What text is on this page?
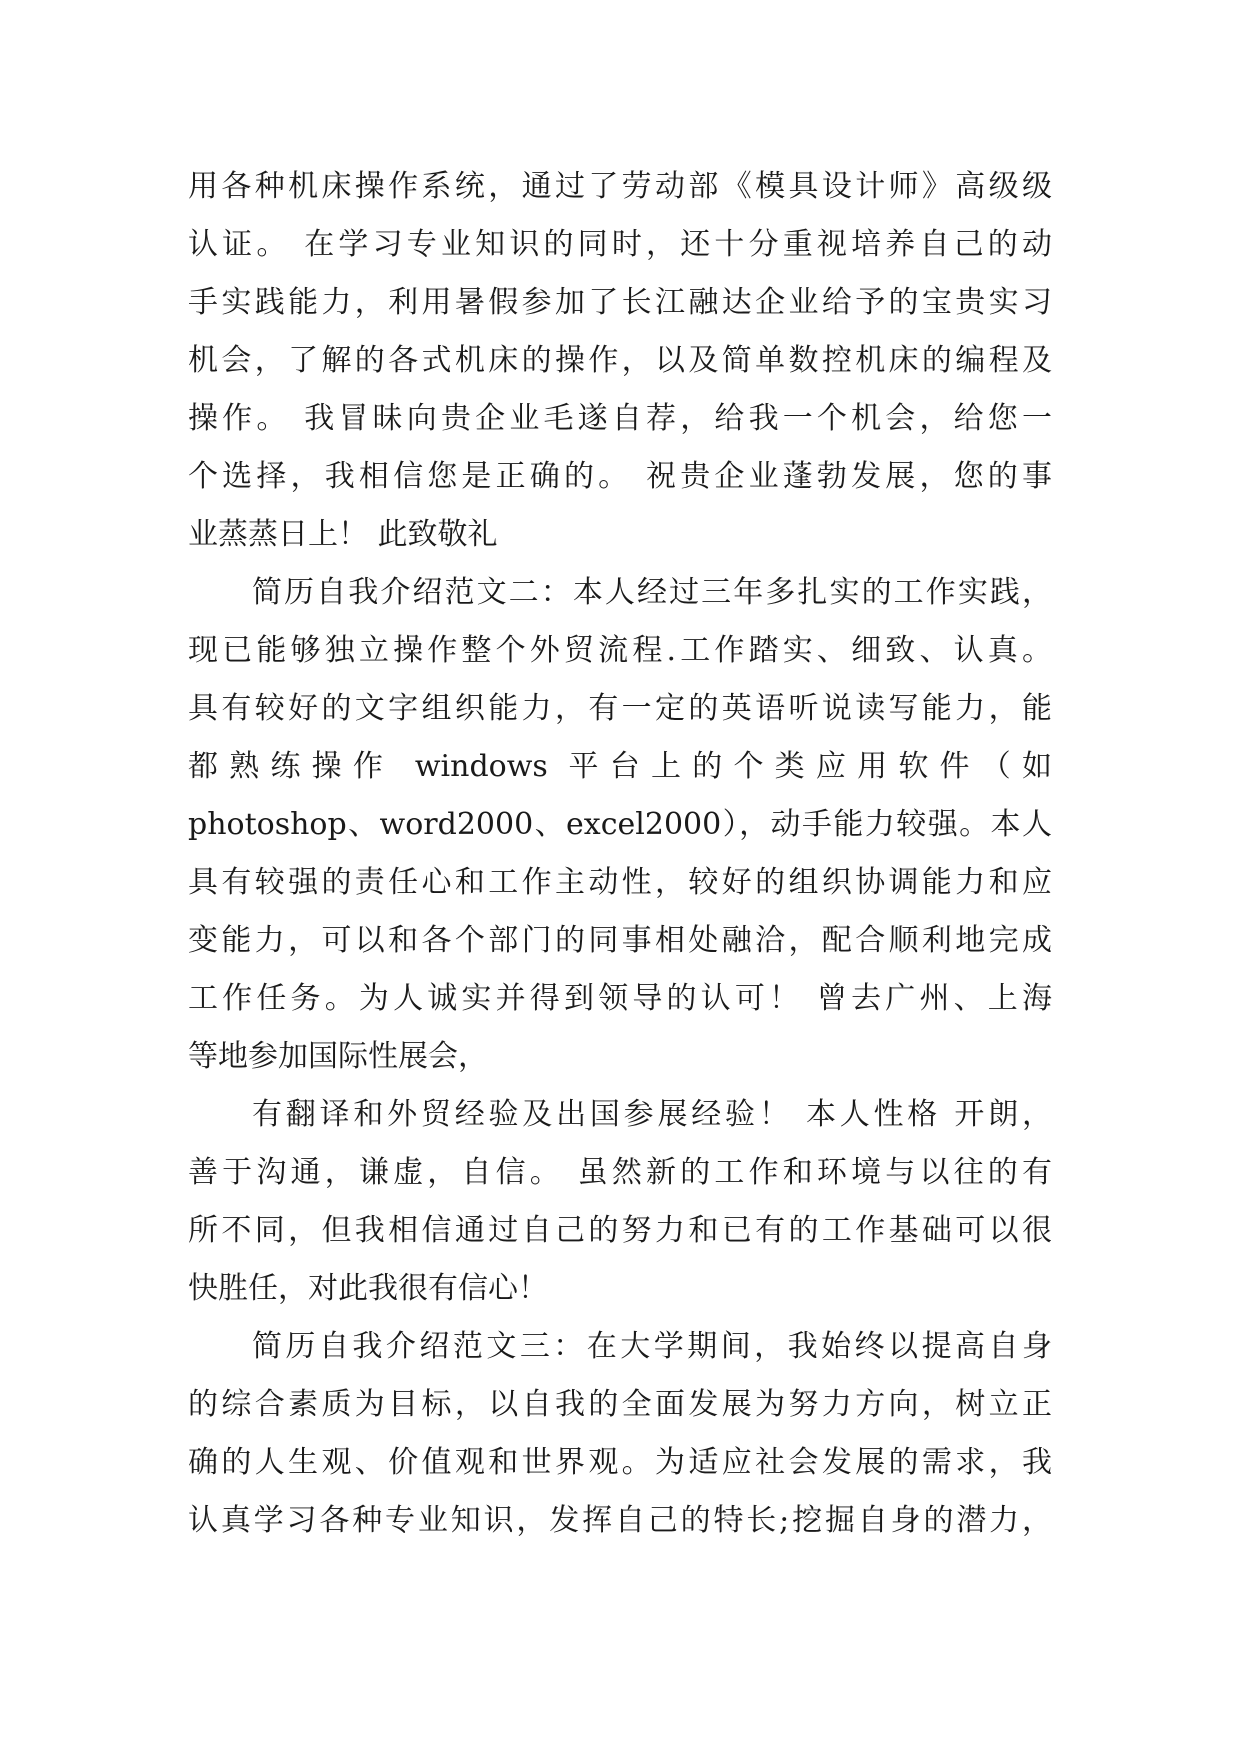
用各种机床操作系统，通过了劳动部《模具设计师》高级级
认证。 在学习专业知识的同时，还十分重视培养自己的动
手实践能力，利用暑假参加了长江融达企业给予的宝贵实习
机会，了解的各式机床的操作，以及简单数控机床的编程及
操作。 我冒昧向贵企业毛遂自荐，给我一个机会，给您一
个选择，我相信您是正确的。 祝贵企业蓬勃发展，您的事
业蒸蒸日上！ 此致敬礼
简历自我介绍范文二：本人经过三年多扎实的工作实践，
现已能够独立操作整个外贸流程.工作踏实、细致、认真。
具有较好的文字组织能力，有一定的英语听说读写能力，能
都熟练操作 windows 平台上的个类应用软件（如
photoshop、word2000、excel2000），动手能力较强。本人
具有较强的责任心和工作主动性，较好的组织协调能力和应
变能力，可以和各个部门的同事相处融洽，配合顺利地完成
工作任务。为人诚实并得到领导的认可！ 曾去广州、上海
等地参加国际性展会，
有翻译和外贸经验及出国参展经验！ 本人性格 开朗，
善于沟通，谦虚，自信。 虽然新的工作和环境与以往的有
所不同，但我相信通过自己的努力和已有的工作基础可以很
快胜任，对此我很有信心！
简历自我介绍范文三：在大学期间，我始终以提高自身
的综合素质为目标，以自我的全面发展为努力方向，树立正
确的人生观、价值观和世界观。为适应社会发展的需求，我
认真学习各种专业知识，发挥自己的特长;挖掘自身的潜力，
